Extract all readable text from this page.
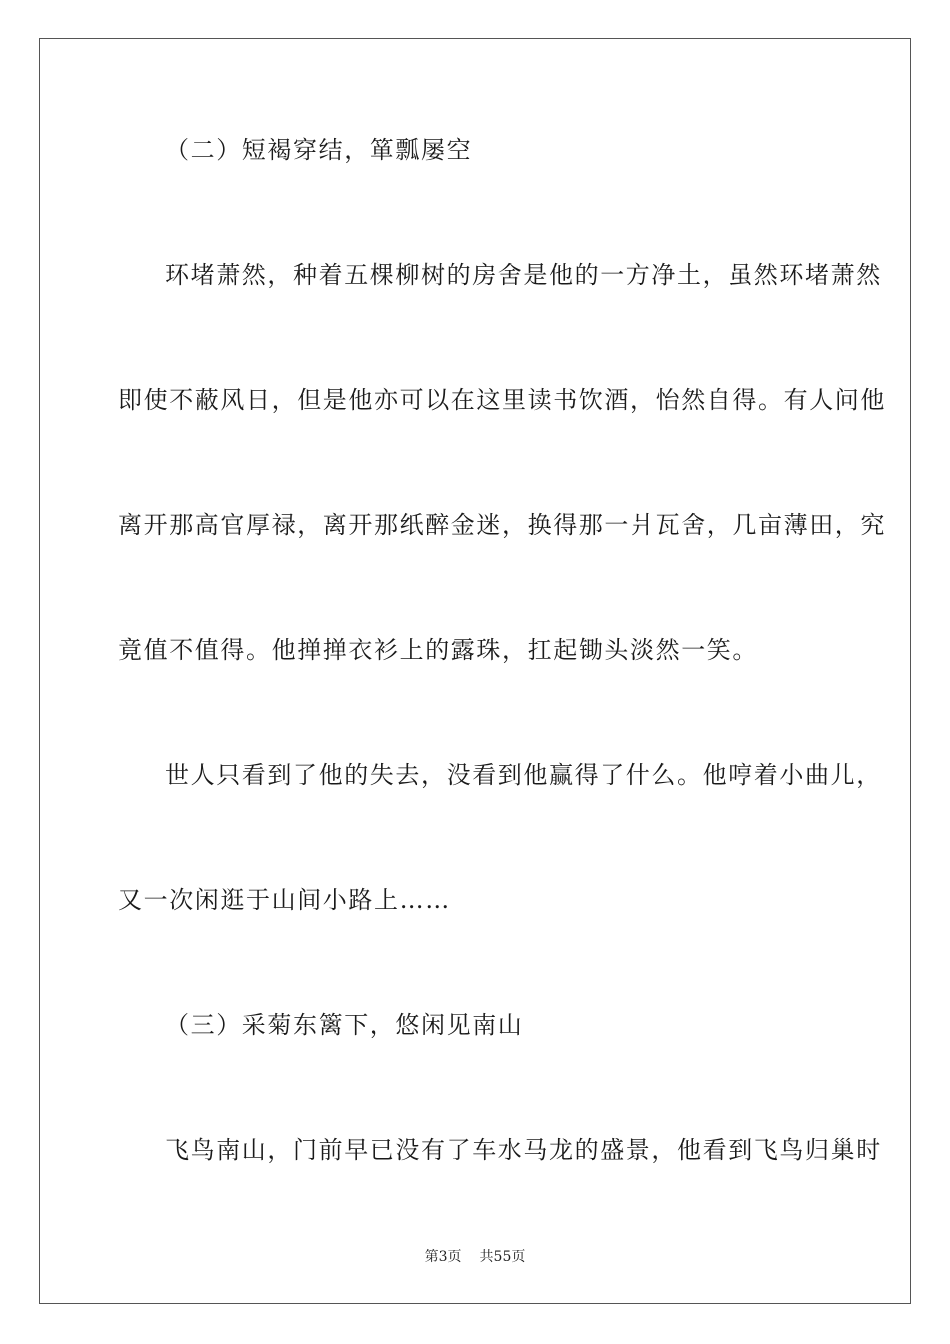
（二）短褐穿结，箪瓢屡空
环堵萧然，种着五棵柳树的房舍是他的一方净土，虽然环堵萧然
即使不蔽风日，但是他亦可以在这里读书饮酒，怡然自得。有人问他
离开那高官厚禄，离开那纸醉金迷，换得那一爿瓦舍，几亩薄田，究
竟值不值得。他掸掸衣衫上的露珠，扛起锄头淡然一笑。
世人只看到了他的失去，没看到他赢得了什么。他哼着小曲儿，
又一次闲逛于山间小路上……
（三）采菊东篱下，悠闲见南山
飞鸟南山，门前早已没有了车水马龙的盛景，他看到飞鸟归巢时
第3页 共55页
